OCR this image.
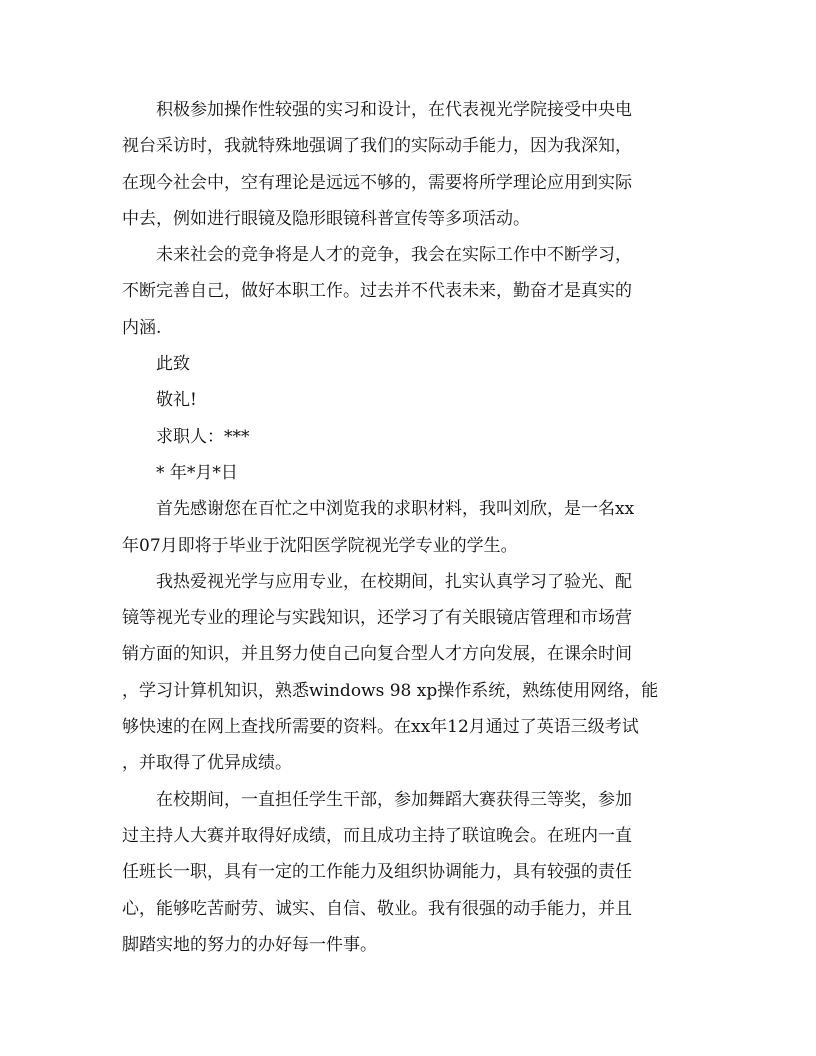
积极参加操作性较强的实习和设计，在代表视光学院接受中央电
视台采访时，我就特殊地强调了我们的实际动手能力，因为我深知，
在现今社会中，空有理论是远远不够的，需要将所学理论应用到实际
中去，例如进行眼镜及隐形眼镜科普宣传等多项活动。

未来社会的竞争将是人才的竞争，我会在实际工作中不断学习，
不断完善自己，做好本职工作。过去并不代表未来，勤奋才是真实的
内涵.

此致

敬礼!

求职人：***

* 年*月*日

首先感谢您在百忙之中浏览我的求职材料，我叫刘欣，是一名xx
年07月即将于毕业于沈阳医学院视光学专业的学生。

我热爱视光学与应用专业，在校期间，扎实认真学习了验光、配
镜等视光专业的理论与实践知识，还学习了有关眼镜店管理和市场营
销方面的知识，并且努力使自己向复合型人才方向发展，在课余时间
，学习计算机知识，熟悉windows 98 xp操作系统，熟练使用网络，能
够快速的在网上查找所需要的资料。在xx年12月通过了英语三级考试
，并取得了优异成绩。

在校期间，一直担任学生干部，参加舞蹈大赛获得三等奖，参加
过主持人大赛并取得好成绩，而且成功主持了联谊晚会。在班内一直
任班长一职，具有一定的工作能力及组织协调能力，具有较强的责任
心，能够吃苦耐劳、诚实、自信、敬业。我有很强的动手能力，并且
脚踏实地的努力的办好每一件事。
